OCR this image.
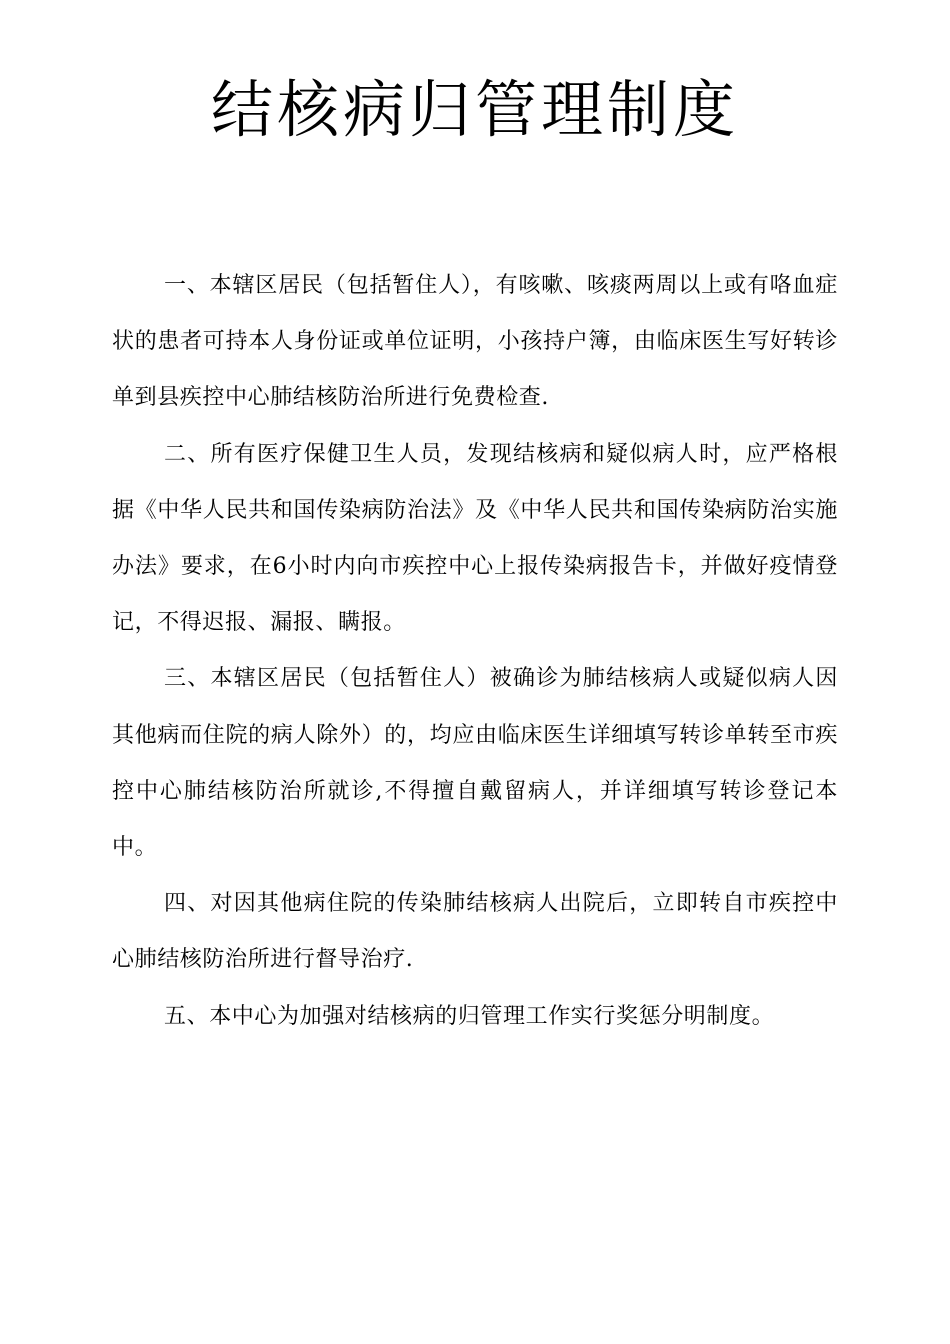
结核病归管理制度

一、本辖区居民（包括暂住人），有咳嗽、咳痰两周以上或有咯血症状的患者可持本人身份证或单位证明，小孩持户簿，由临床医生写好转诊单到县疾控中心肺结核防治所进行免费检查.

二、所有医疗保健卫生人员，发现结核病和疑似病人时，应严格根据《中华人民共和国传染病防治法》及《中华人民共和国传染病防治实施办法》要求，在6小时内向市疾控中心上报传染病报告卡，并做好疫情登记，不得迟报、漏报、瞒报。

三、本辖区居民（包括暂住人）被确诊为肺结核病人或疑似病人因其他病而住院的病人除外）的，均应由临床医生详细填写转诊单转至市疾控中心肺结核防治所就诊,不得擅自戴留病人，并详细填写转诊登记本中。

四、对因其他病住院的传染肺结核病人出院后，立即转自市疾控中心肺结核防治所进行督导治疗.

五、本中心为加强对结核病的归管理工作实行奖惩分明制度。
